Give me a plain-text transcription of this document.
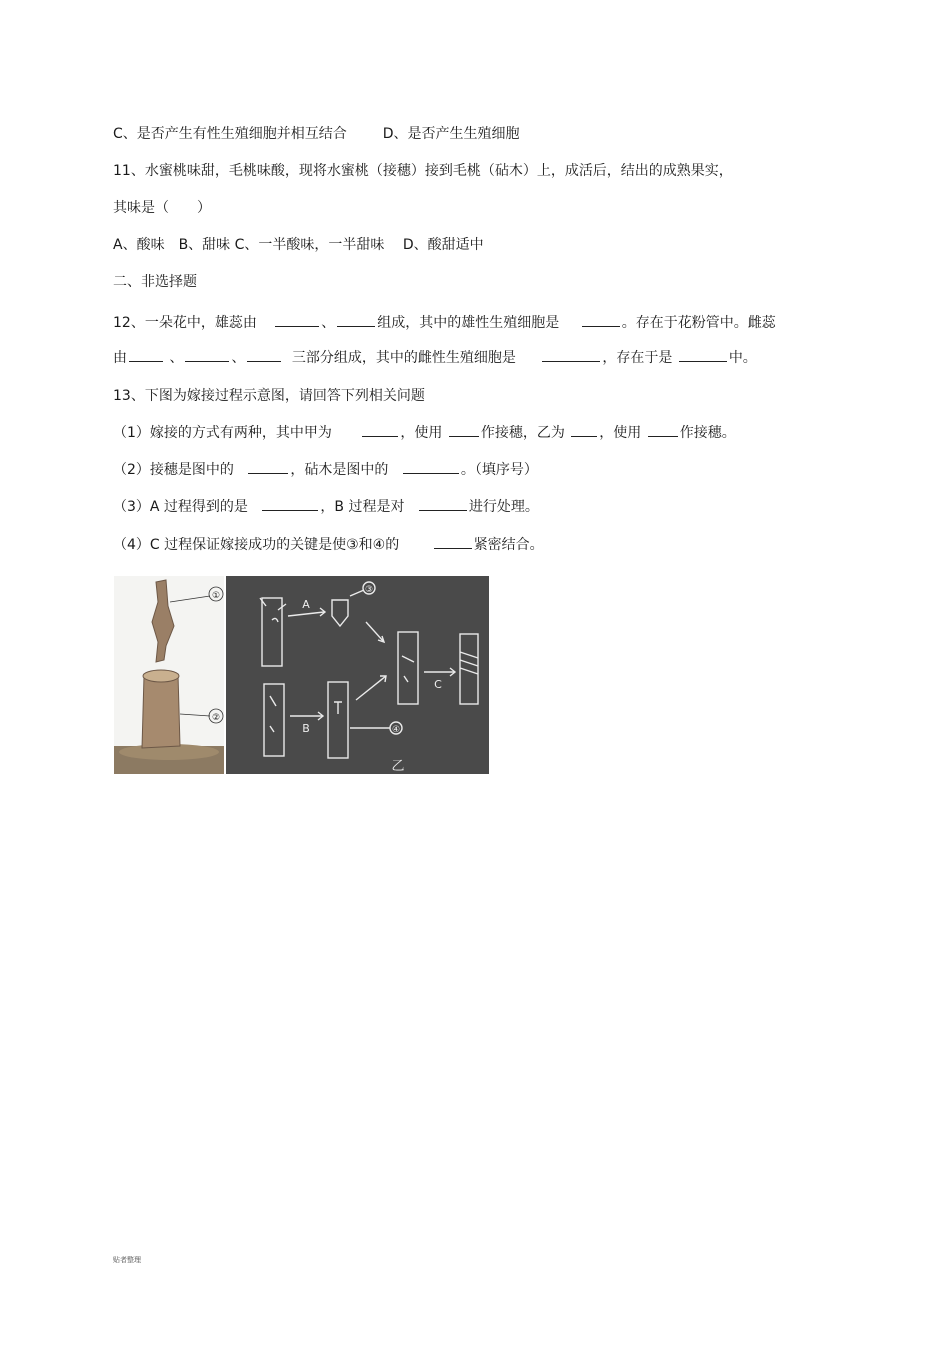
C、是否产生有性生殖细胞并相互结合	D、是否产生生殖细胞
11、水蜜桃味甜，毛桃味酸，现将水蜜桃（接穗）接到毛桃（砧木）上，成活后，结出的成熟果实，
其味是（　　）
A、酸味　B、甜味 C、一半酸味，一半甜味　 D、酸甜适中
二、非选择题
12、一朵花中，雄蕊由	、	组成，其中的雄性生殖细胞是	。存在于花粉管中。雌蕊
由	、	、	三部分组成，其中的雌性生殖细胞是	，存在于是	中。
13、下图为嫁接过程示意图，请回答下列相关问题
（1）嫁接的方式有两种，其中甲为	，使用	作接穗，乙为 ，使用	作接穗。
（2）接穗是图中的	，砧木是图中的	。（填序号）
（3）A 过程得到的是	，B 过程是对	进行处理。
（4）C 过程保证嫁接成功的关键是使③和④的	紧密结合。
①
②
A
B
C
③
④
乙
贴者整理
